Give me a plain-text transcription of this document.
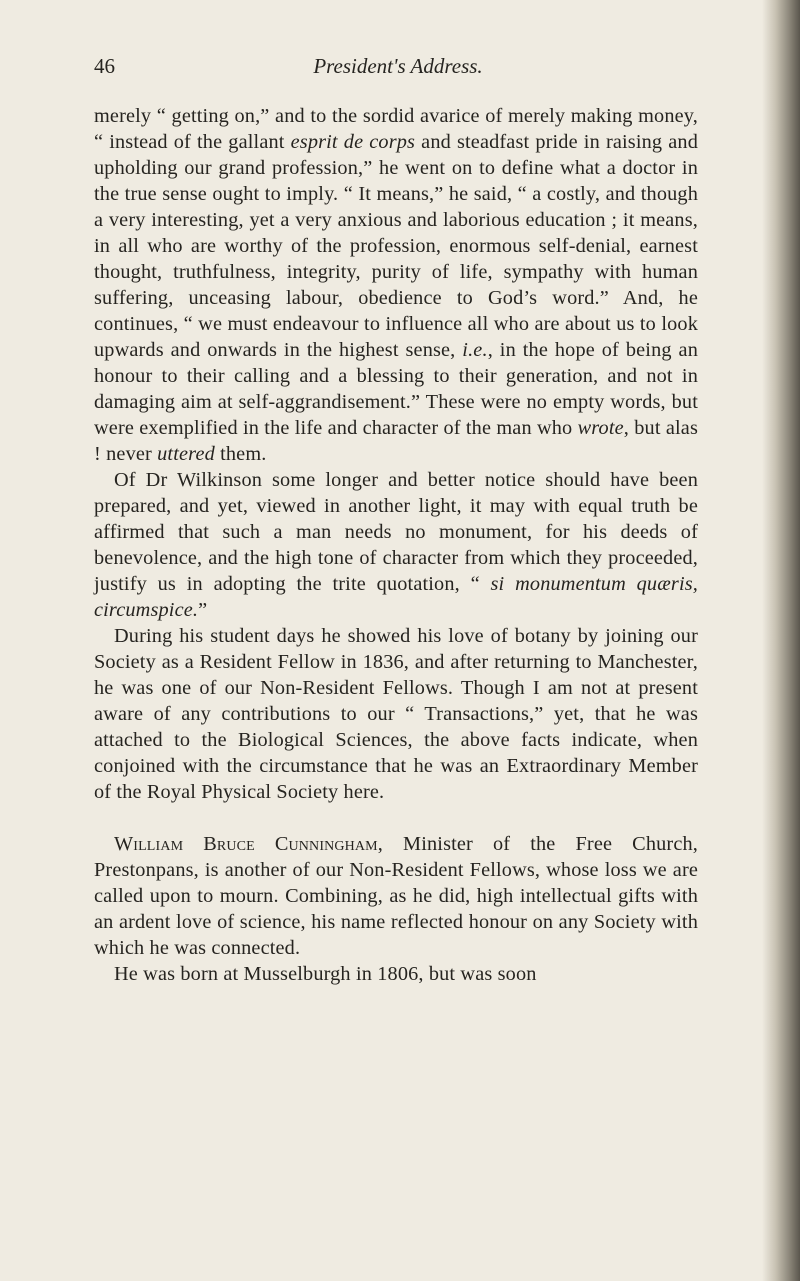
46	President's Address.

merely “ getting on,” and to the sordid avarice of merely making money, “ instead of the gallant esprit de corps and steadfast pride in raising and upholding our grand profession,” he went on to define what a doctor in the true sense ought to imply. “ It means,” he said, “ a costly, and though a very interesting, yet a very anxious and laborious education ; it means, in all who are worthy of the profession, enormous self-denial, earnest thought, truthfulness, integrity, purity of life, sympathy with human suffering, unceasing labour, obedience to God’s word.” And, he continues, “ we must endeavour to influence all who are about us to look upwards and onwards in the highest sense, i.e., in the hope of being an honour to their calling and a blessing to their generation, and not in damaging aim at self-aggrandisement.” These were no empty words, but were exemplified in the life and character of the man who wrote, but alas ! never uttered them.

Of Dr Wilkinson some longer and better notice should have been prepared, and yet, viewed in another light, it may with equal truth be affirmed that such a man needs no monument, for his deeds of benevolence, and the high tone of character from which they proceeded, justify us in adopting the trite quotation, “ si monumentum quæris, circumspice.”

During his student days he showed his love of botany by joining our Society as a Resident Fellow in 1836, and after returning to Manchester, he was one of our Non-Resident Fellows. Though I am not at present aware of any contributions to our “ Transactions,” yet, that he was attached to the Biological Sciences, the above facts indicate, when conjoined with the circumstance that he was an Extraordinary Member of the Royal Physical Society here.

William Bruce Cunningham, Minister of the Free Church, Prestonpans, is another of our Non-Resident Fellows, whose loss we are called upon to mourn. Combining, as he did, high intellectual gifts with an ardent love of science, his name reflected honour on any Society with which he was connected.

He was born at Musselburgh in 1806, but was soon
